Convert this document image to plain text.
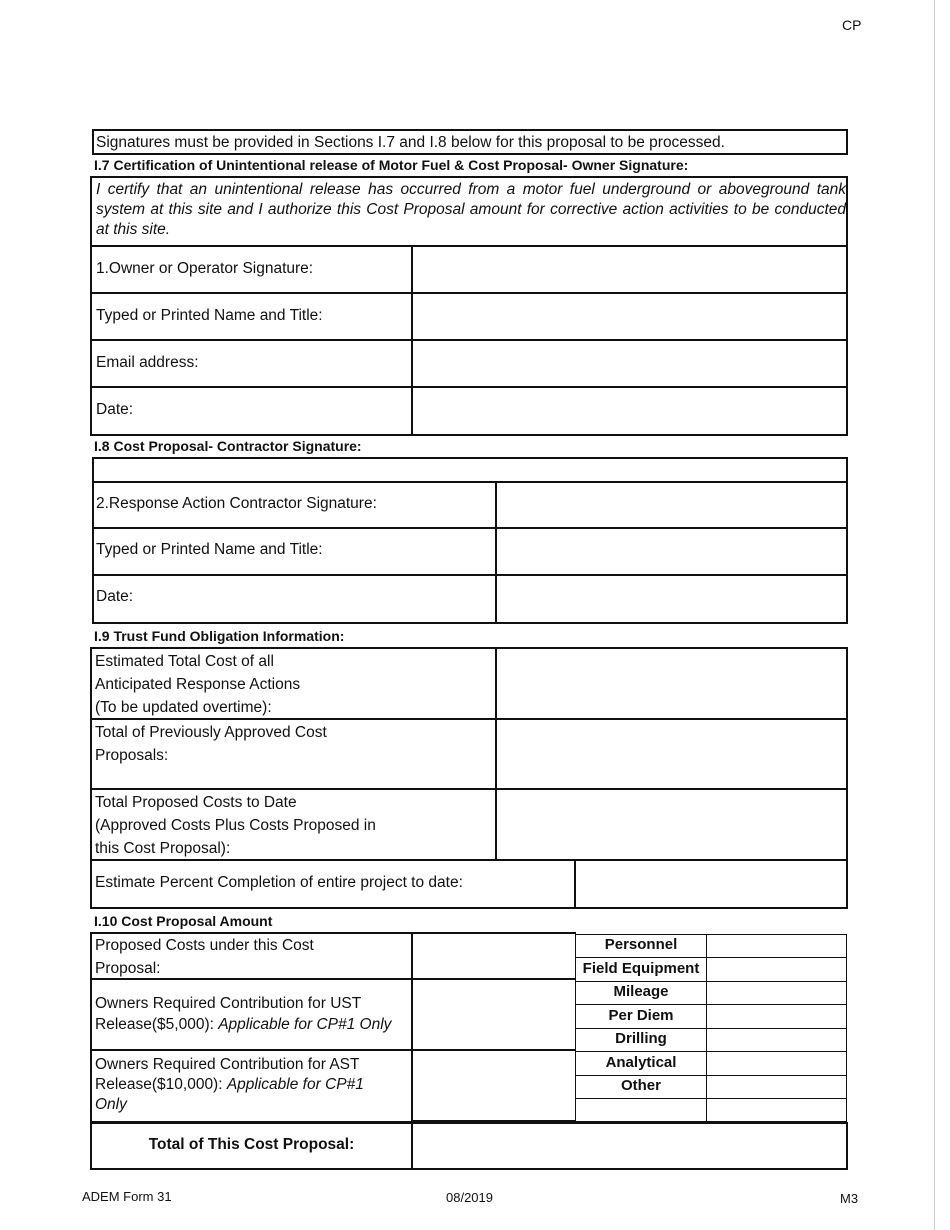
CP
Signatures must be provided in Sections I.7 and I.8 below for this proposal to be processed.
I.7 Certification of Unintentional release of Motor Fuel & Cost Proposal- Owner Signature:
I certify that an unintentional release has occurred from a motor fuel underground or aboveground tank system at this site and I authorize this Cost Proposal amount for corrective action activities to be conducted at this site.
1.Owner or Operator Signature:
Typed or Printed Name and Title:
Email address:
Date:
I.8 Cost Proposal- Contractor Signature:
2.Response Action Contractor Signature:
Typed or Printed Name and Title:
Date:
I.9 Trust Fund Obligation Information:
Estimated Total Cost of all
Anticipated Response Actions
(To be updated overtime):
Total of Previously Approved Cost
Proposals:
Total Proposed Costs to Date
(Approved Costs Plus Costs Proposed in
this Cost Proposal):
Estimate Percent Completion of entire project to date:
I.10 Cost Proposal Amount
Proposed Costs under this Cost
Proposal:
Owners Required Contribution for UST
Release($5,000): Applicable for CP#1 Only
Owners Required Contribution for AST
Release($10,000): Applicable for CP#1
Only
Total of This Cost Proposal:
Personnel
Field Equipment
Mileage
Per Diem
Drilling
Analytical
Other
ADEM Form 31	08/2019	M3
